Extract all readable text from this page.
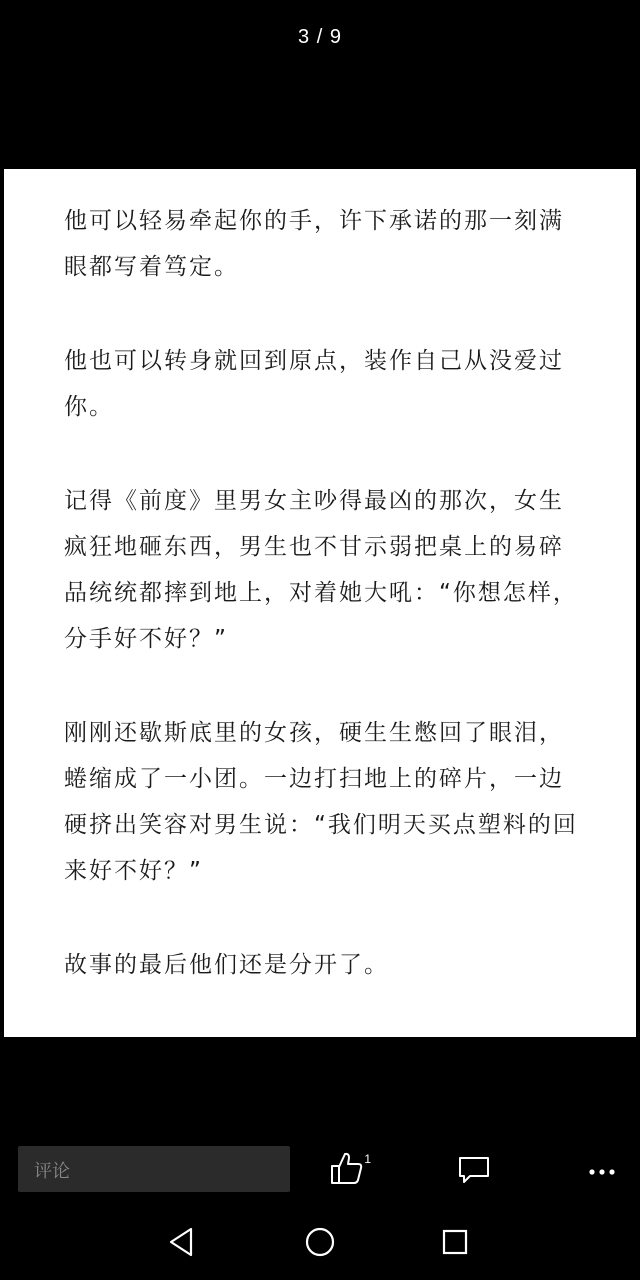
3 / 9

他可以轻易牵起你的手，许下承诺的那一刻满眼都写着笃定。

他也可以转身就回到原点，装作自己从没爱过你。

记得《前度》里男女主吵得最凶的那次，女生疯狂地砸东西，男生也不甘示弱把桌上的易碎品统统都摔到地上，对着她大吼：“你想怎样，分手好不好？”

刚刚还歇斯底里的女孩，硬生生憋回了眼泪，蜷缩成了一小团。一边打扫地上的碎片，一边硬挤出笑容对男生说：“我们明天买点塑料的回来好不好？”

故事的最后他们还是分开了。

评论
1
